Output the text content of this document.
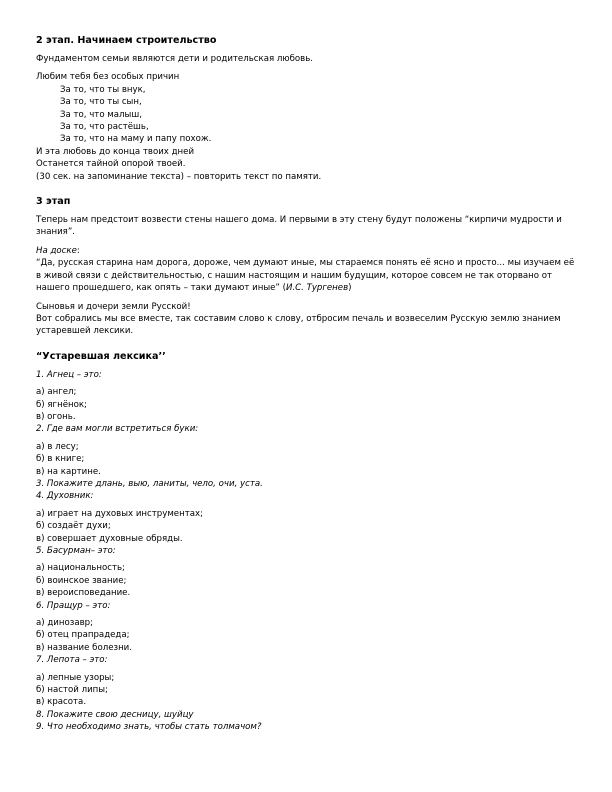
2 этап. Начинаем строительство

Фундаментом семьи являются дети и родительская любовь.

Любим тебя без особых причин

За то, что ты внук,

За то, что ты сын,

За то, что малыш,

За то, что растёшь,

За то, что на маму и папу похож.

И эта любовь до конца твоих дней

Останется тайной опорой твоей.

(30 сек. на запоминание текста) – повторить текст по памяти.

3 этап

Теперь нам предстоит возвести стены нашего дома. И первыми в эту стену будут положены “кирпичи мудрости и знания”.

На доске:

“Да, русская старина нам дорога, дороже, чем думают иные, мы стараемся понять её ясно и просто... мы изучаем её в живой связи с действительностью, с нашим настоящим и нашим будущим, которое совсем не так оторвано от нашего прошедшего, как опять – таки думают иные” (И.С. Тургенев)

Сыновья и дочери земли Русской!

Вот собрались мы все вместе, так составим слово к слову, отбросим печаль и возвеселим Русскую землю знанием устаревшей лексики.

“Устаревшая лексика’’

1. Агнец – это:

а) ангел;

б) ягнёнок;

в) огонь.

2. Где вам могли встретиться буки:

а) в лесу;

б) в книге;

в) на картине.

3. Покажите длань, выю, ланиты, чело, очи, уста.

4. Духовник:

а) играет на духовых инструментах;

б) создаёт духи;

в) совершает духовные обряды.

5. Басурман– это:

а) национальность;

б) воинское звание;

в) вероисповедание.

6. Пращур – это:

а) динозавр;

б) отец прапрадеда;

в) название болезни.

7. Лепота – это:

а) лепные узоры;

б) настой липы;

в) красота.

8. Покажите свою десницу, шуйцу

9. Что необходимо знать, чтобы стать толмачом?
